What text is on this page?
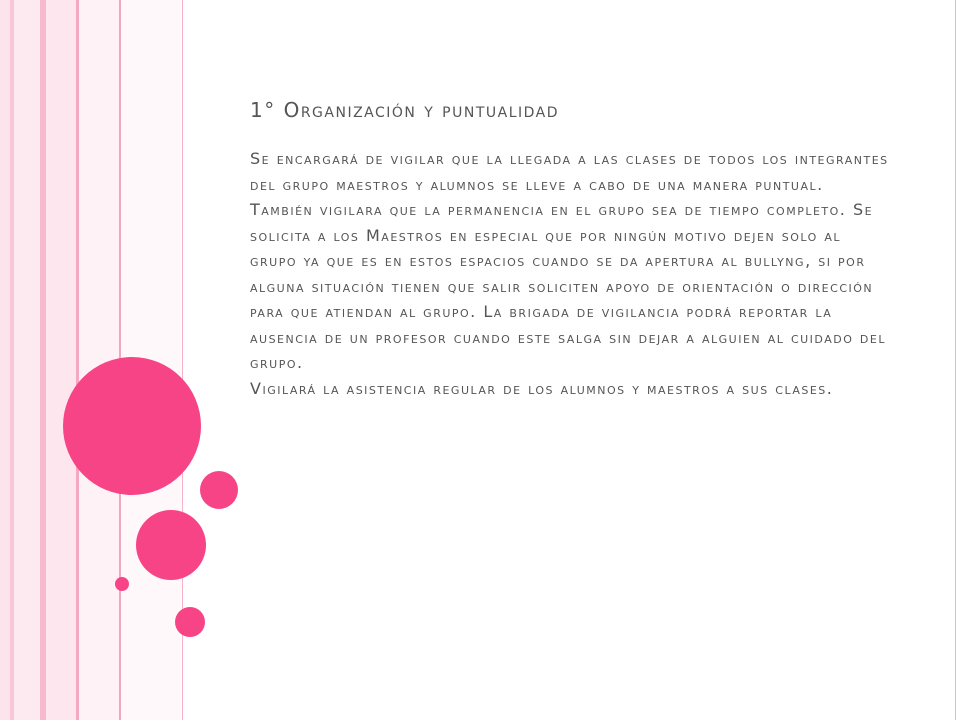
1° Organización y puntualidad

Se encargará de vigilar que la llegada a las clases de todos los integrantes del grupo maestros y alumnos se lleve a cabo de una manera puntual.

También vigilara que la permanencia en el grupo sea de tiempo completo. Se solicita a los Maestros en especial que por ningún motivo dejen solo al grupo ya que es en estos espacios cuando se da apertura al bullyng, si por alguna situación tienen que salir soliciten apoyo de orientación o dirección para que atiendan al grupo. La brigada de vigilancia podrá reportar la ausencia de un profesor cuando este salga sin dejar a alguien al cuidado del grupo.

Vigilará la asistencia regular de los alumnos y maestros a sus clases.
